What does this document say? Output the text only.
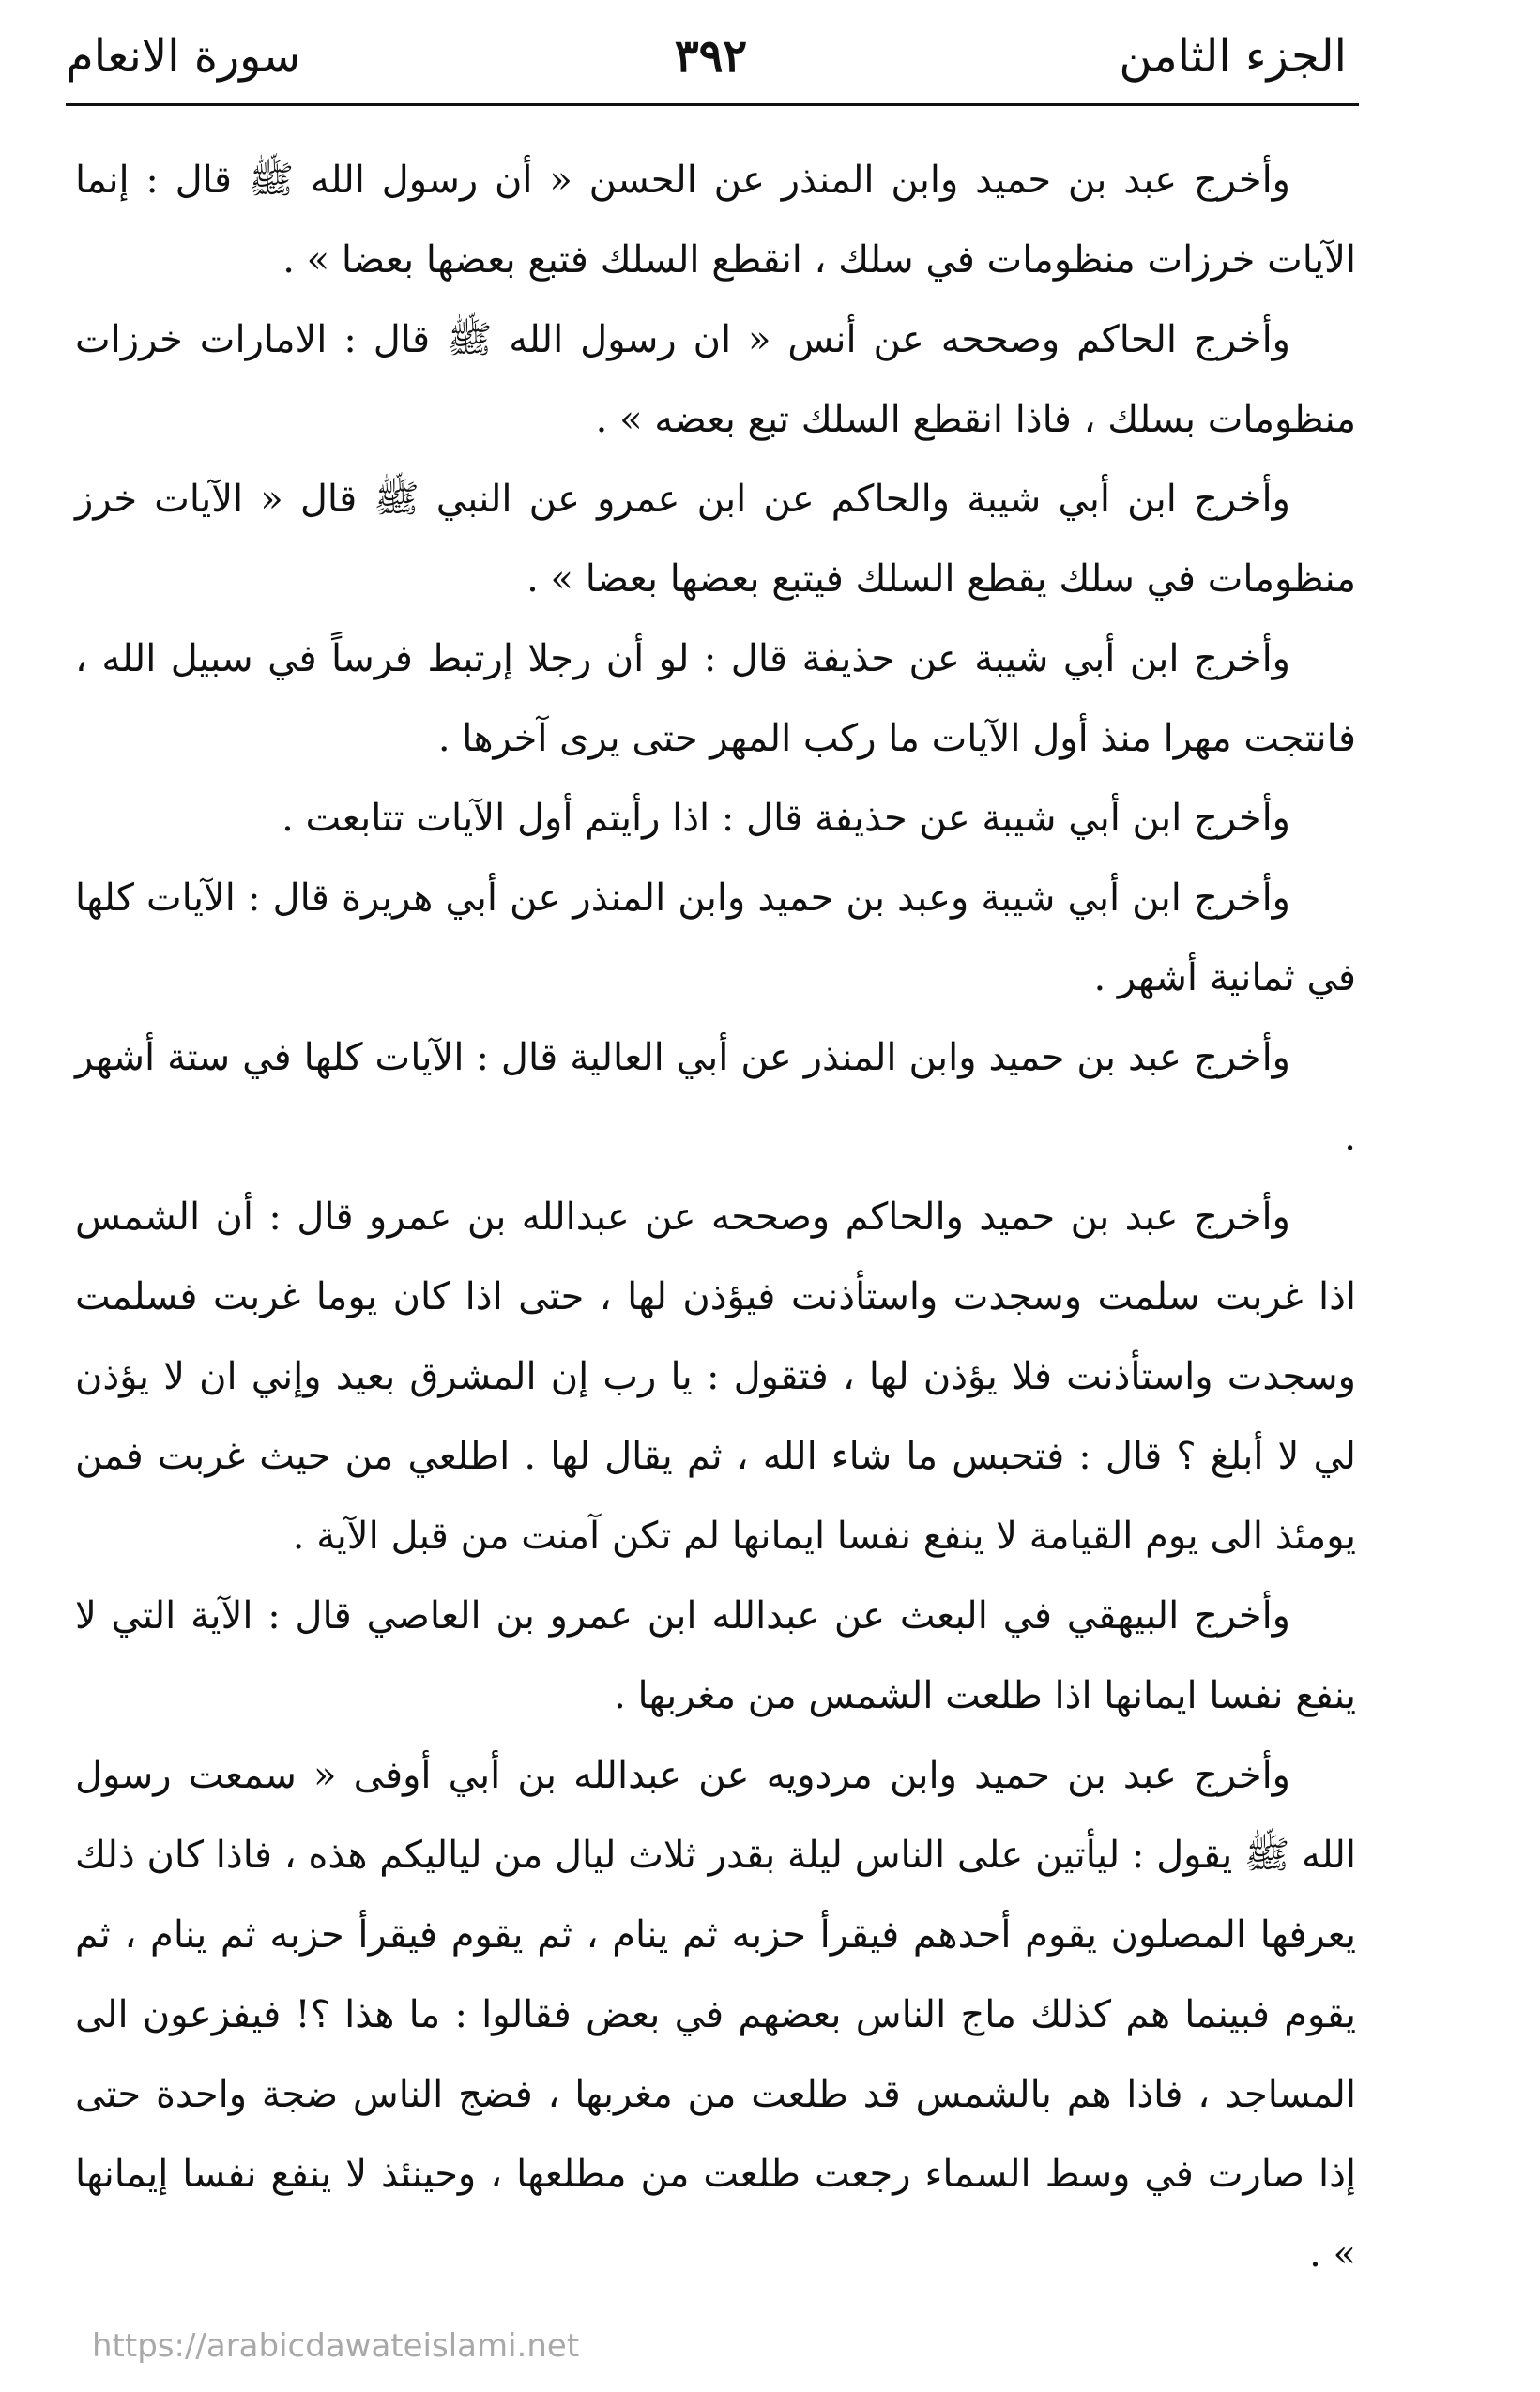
الجزء الثامن
٣٩٢
سورة الانعام

وأخرج عبد بن حميد وابن المنذر عن الحسن « أن رسول الله ﷺ قال : إنما الآيات خرزات منظومات في سلك ، انقطع السلك فتبع بعضها بعضا » .

وأخرج الحاكم وصححه عن أنس « ان رسول الله ﷺ قال : الامارات خرزات منظومات بسلك ، فاذا انقطع السلك تبع بعضه » .

وأخرج ابن أبي شيبة والحاكم عن ابن عمرو عن النبي ﷺ قال « الآيات خرز منظومات في سلك يقطع السلك فيتبع بعضها بعضا » .

وأخرج ابن أبي شيبة عن حذيفة قال : لو أن رجلا إرتبط فرساً في سبيل الله ، فانتجت مهرا منذ أول الآيات ما ركب المهر حتى يرى آخرها .

وأخرج ابن أبي شيبة عن حذيفة قال : اذا رأيتم أول الآيات تتابعت .

وأخرج ابن أبي شيبة وعبد بن حميد وابن المنذر عن أبي هريرة قال : الآيات كلها في ثمانية أشهر .

وأخرج عبد بن حميد وابن المنذر عن أبي العالية قال : الآيات كلها في ستة أشهر .

وأخرج عبد بن حميد والحاكم وصححه عن عبدالله بن عمرو قال : أن الشمس اذا غربت سلمت وسجدت واستأذنت فيؤذن لها ، حتى اذا كان يوما غربت فسلمت وسجدت واستأذنت فلا يؤذن لها ، فتقول : يا رب إن المشرق بعيد وإني ان لا يؤذن لي لا أبلغ ؟ قال : فتحبس ما شاء الله ، ثم يقال لها . اطلعي من حيث غربت فمن يومئذ الى يوم القيامة لا ينفع نفسا ايمانها لم تكن آمنت من قبل الآية .

وأخرج البيهقي في البعث عن عبدالله ابن عمرو بن العاصي قال : الآية التي لا ينفع نفسا ايمانها اذا طلعت الشمس من مغربها .

وأخرج عبد بن حميد وابن مردويه عن عبدالله بن أبي أوفى « سمعت رسول الله ﷺ يقول : ليأتين على الناس ليلة بقدر ثلاث ليال من لياليكم هذه ، فاذا كان ذلك يعرفها المصلون يقوم أحدهم فيقرأ حزبه ثم ينام ، ثم يقوم فيقرأ حزبه ثم ينام ، ثم يقوم فبينما هم كذلك ماج الناس بعضهم في بعض فقالوا : ما هذا ؟! فيفزعون الى المساجد ، فاذا هم بالشمس قد طلعت من مغربها ، فضج الناس ضجة واحدة حتى إذا صارت في وسط السماء رجعت طلعت من مطلعها ، وحينئذ لا ينفع نفسا إيمانها » .

https://arabicdawateislami.net
